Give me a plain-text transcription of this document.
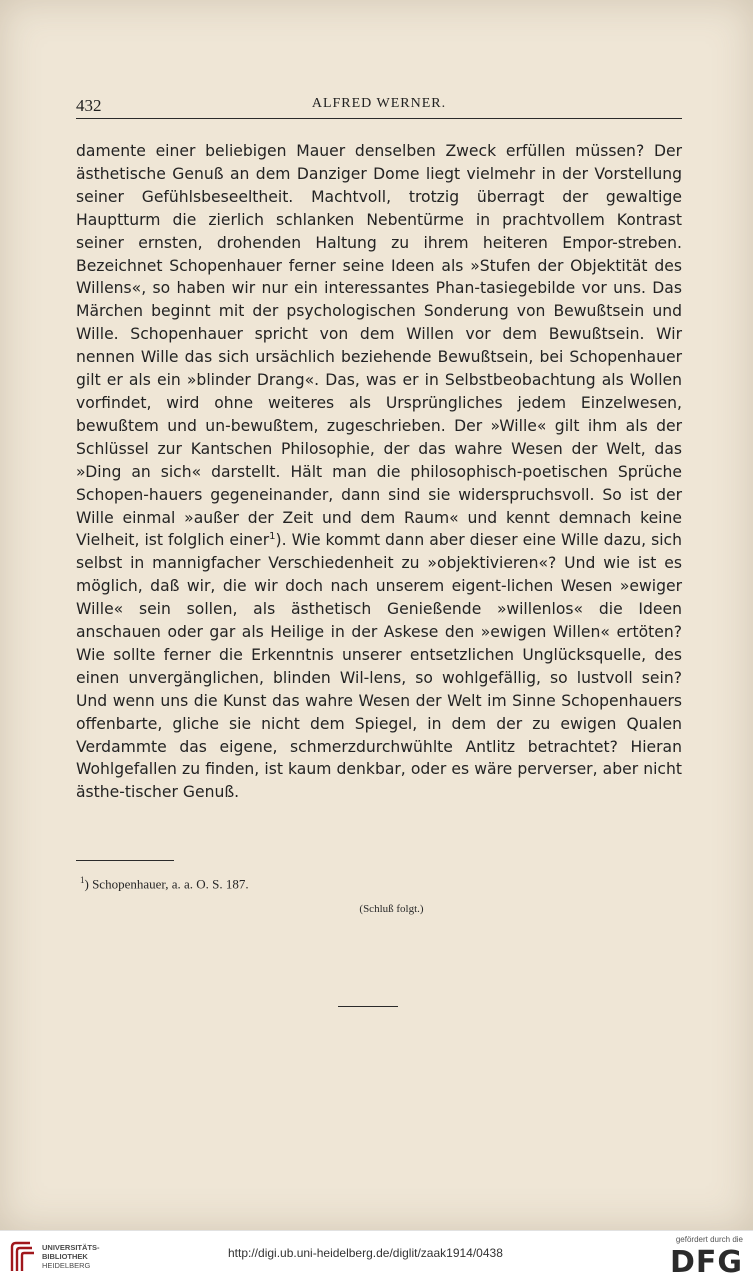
432	ALFRED WERNER.
damente einer beliebigen Mauer denselben Zweck erfüllen müssen? Der ästhetische Genuß an dem Danziger Dome liegt vielmehr in der Vorstellung seiner Gefühlsbeseeltheit. Machtvoll, trotzig überragt der gewaltige Hauptturm die zierlich schlanken Nebentürme in prachtvollem Kontrast seiner ernsten, drohenden Haltung zu ihrem heiteren Empor-streben. Bezeichnet Schopenhauer ferner seine Ideen als »Stufen der Objektität des Willens«, so haben wir nur ein interessantes Phan-tasiegebilde vor uns. Das Märchen beginnt mit der psychologischen Sonderung von Bewußtsein und Wille. Schopenhauer spricht von dem Willen vor dem Bewußtsein. Wir nennen Wille das sich ursächlich beziehende Bewußtsein, bei Schopenhauer gilt er als ein »blinder Drang«. Das, was er in Selbstbeobachtung als Wollen vorfindet, wird ohne weiteres als Ursprüngliches jedem Einzelwesen, bewußtem und un-bewußtem, zugeschrieben. Der »Wille« gilt ihm als der Schlüssel zur Kantschen Philosophie, der das wahre Wesen der Welt, das »Ding an sich« darstellt. Hält man die philosophisch-poetischen Sprüche Schopen-hauers gegeneinander, dann sind sie widerspruchsvoll. So ist der Wille einmal »außer der Zeit und dem Raum« und kennt demnach keine Vielheit, ist folglich einer$^1$). Wie kommt dann aber dieser eine Wille dazu, sich selbst in mannigfacher Verschiedenheit zu »objektivieren«? Und wie ist es möglich, daß wir, die wir doch nach unserem eigent-lichen Wesen »ewiger Wille« sein sollen, als ästhetisch Genießende »willenlos« die Ideen anschauen oder gar als Heilige in der Askese den »ewigen Willen« ertöten? Wie sollte ferner die Erkenntnis unserer entsetzlichen Unglücksquelle, des einen unvergänglichen, blinden Wil-lens, so wohlgefällig, so lustvoll sein? Und wenn uns die Kunst das wahre Wesen der Welt im Sinne Schopenhauers offenbarte, gliche sie nicht dem Spiegel, in dem der zu ewigen Qualen Verdammte das eigene, schmerzdurchwühlte Antlitz betrachtet? Hieran Wohlgefallen zu finden, ist kaum denkbar, oder es wäre perverser, aber nicht ästhe-tischer Genuß.
$^1$) Schopenhauer, a. a. O. S. 187.
(Schluß folgt.)
UNIVERSITÄTS-
BIBLIOTHEK
HEIDELBERG
http://digi.ub.uni-heidelberg.de/diglit/zaak1914/0438
gefördert durch die
DFG
